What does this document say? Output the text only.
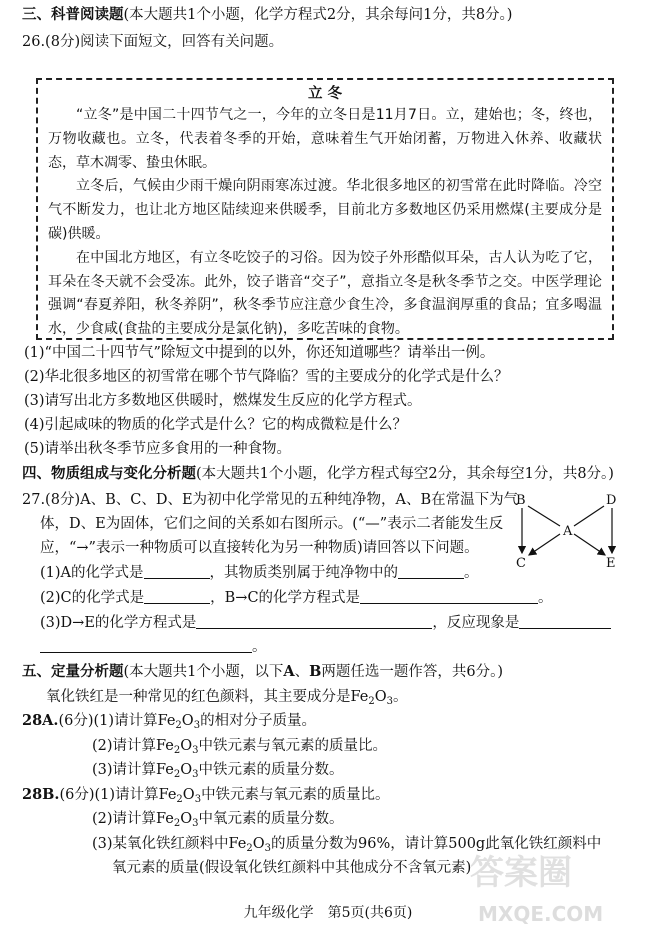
三、科普阅读题(本大题共1个小题，化学方程式2分，其余每问1分，共8分。)
26.(8分)阅读下面短文，回答有关问题。
立 冬

“立冬”是中国二十四节气之一，今年的立冬日是11月7日。立，建始也；冬，终也，万物收藏也。立冬，代表着冬季的开始，意味着生气开始闭蓄，万物进入休养、收藏状态，草木凋零、蛰虫休眠。

立冬后，气候由少雨干燥向阴雨寒冻过渡。华北很多地区的初雪常在此时降临。冷空气不断发力，也让北方地区陆续迎来供暖季，目前北方多数地区仍采用燃煤(主要成分是碳)供暖。

在中国北方地区，有立冬吃饺子的习俗。因为饺子外形酷似耳朵，古人认为吃了它，耳朵在冬天就不会受冻。此外，饺子谐音“交子”，意指立冬是秋冬季节之交。中医学理论强调“春夏养阳，秋冬养阴”，秋冬季节应注意少食生冷，多食温润厚重的食品；宜多喝温水，少食咸(食盐的主要成分是氯化钠)，多吃苦味的食物。

(1)“中国二十四节气”除短文中提到的以外，你还知道哪些？请举出一例。
(2)华北很多地区的初雪常在哪个节气降临？雪的主要成分的化学式是什么？
(3)请写出北方多数地区供暖时，燃煤发生反应的化学方程式。
(4)引起咸味的物质的化学式是什么？它的构成微粒是什么？
(5)请举出秋冬季节应多食用的一种食物。
四、物质组成与变化分析题(本大题共1个小题，化学方程式每空2分，其余每空1分，共8分。)
27.(8分)A、B、C、D、E为初中化学常见的五种纯净物，A、B在常温下为气
体，D、E为固体，它们之间的关系如右图所示。(“—”表示二者能发生反
应，“→”表示一种物质可以直接转化为另一种物质)请回答以下问题。
(1)A的化学式是	，其物质类别属于纯净物中的	。
(2)C的化学式是	，B→C的化学方程式是	。
(3)D→E的化学方程式是	，反应现象是
。
B	D
A
C	E
五、定量分析题(本大题共1个小题，以下A、B两题任选一题作答，共6分。)
氧化铁红是一种常见的红色颜料，其主要成分是$Fe_2O_3$。
28A.(6分)(1)请计算$Fe_2O_3$的相对分子质量。
(2)请计算$Fe_2O_3$中铁元素与氧元素的质量比。
(3)请计算$Fe_2O_3$中铁元素的质量分数。
28B.(6分)(1)请计算$Fe_2O_3$中铁元素与氧元素的质量比。
(2)请计算$Fe_2O_3$中氧元素的质量分数。
(3)某氧化铁红颜料中$Fe_2O_3$的质量分数为96%，请计算500g此氧化铁红颜料中
氧元素的质量(假设氧化铁红颜料中其他成分不含氧元素)
九年级化学　第5页(共6页)
答案圈
MXQE.COM
